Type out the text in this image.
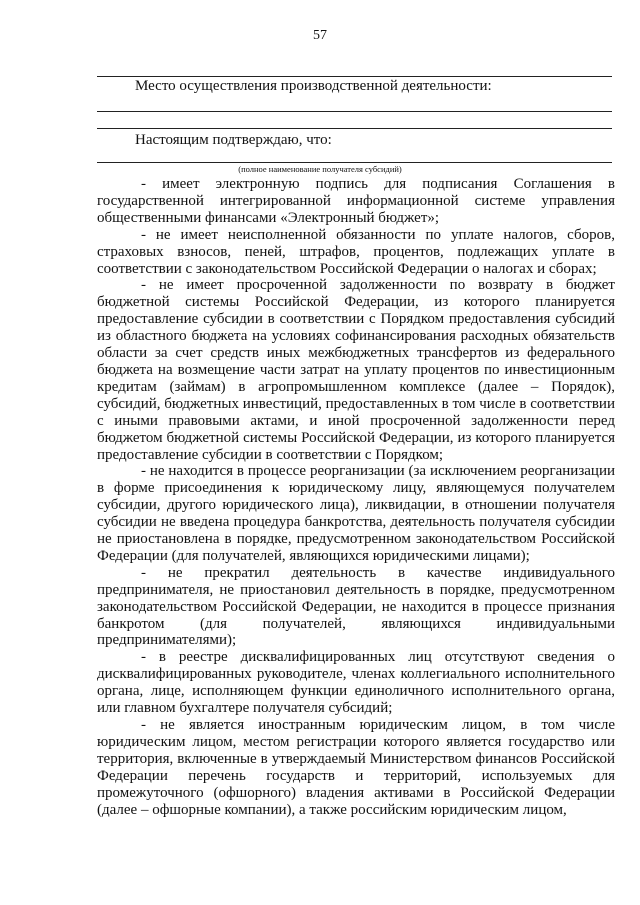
57
Место осуществления производственной деятельности:
Настоящим подтверждаю, что:
(полное наименование получателя субсидий)

- имеет электронную подпись для подписания Соглашения в государственной интегрированной информационной системе управления общественными финансами «Электронный бюджет»;

- не имеет неисполненной обязанности по уплате налогов, сборов, страховых взносов, пеней, штрафов, процентов, подлежащих уплате в соответствии с законодательством Российской Федерации о налогах и сборах;

- не имеет просроченной задолженности по возврату в бюджет бюджетной системы Российской Федерации, из которого планируется предоставление субсидии в соответствии с Порядком предоставления субсидий из областного бюджета на условиях софинансирования расходных обязательств области за счет средств иных межбюджетных трансфертов из федерального бюджета на возмещение части затрат на уплату процентов по инвестиционным кредитам (займам) в агропромышленном комплексе (далее – Порядок), субсидий, бюджетных инвестиций, предоставленных в том числе в соответствии с иными правовыми актами, и иной просроченной задолженности перед бюджетом бюджетной системы Российской Федерации, из которого планируется предоставление субсидии в соответствии с Порядком;

- не находится в процессе реорганизации (за исключением реорганизации в форме присоединения к юридическому лицу, являющемуся получателем субсидии, другого юридического лица), ликвидации, в отношении получателя субсидии не введена процедура банкротства, деятельность получателя субсидии не приостановлена в порядке, предусмотренном законодательством Российской Федерации (для получателей, являющихся юридическими лицами);

- не прекратил деятельность в качестве индивидуального предпринимателя, не приостановил деятельность в порядке, предусмотренном законодательством Российской Федерации, не находится в процессе признания банкротом (для получателей, являющихся индивидуальными предпринимателями);

- в реестре дисквалифицированных лиц отсутствуют сведения о дисквалифицированных руководителе, членах коллегиального исполнительного органа, лице, исполняющем функции единоличного исполнительного органа, или главном бухгалтере получателя субсидий;

- не является иностранным юридическим лицом, в том числе юридическим лицом, местом регистрации которого является государство или территория, включенные в утверждаемый Министерством финансов Российской Федерации перечень государств и территорий, используемых для промежуточного (офшорного) владения активами в Российской Федерации (далее – офшорные компании), а также российским юридическим лицом,
